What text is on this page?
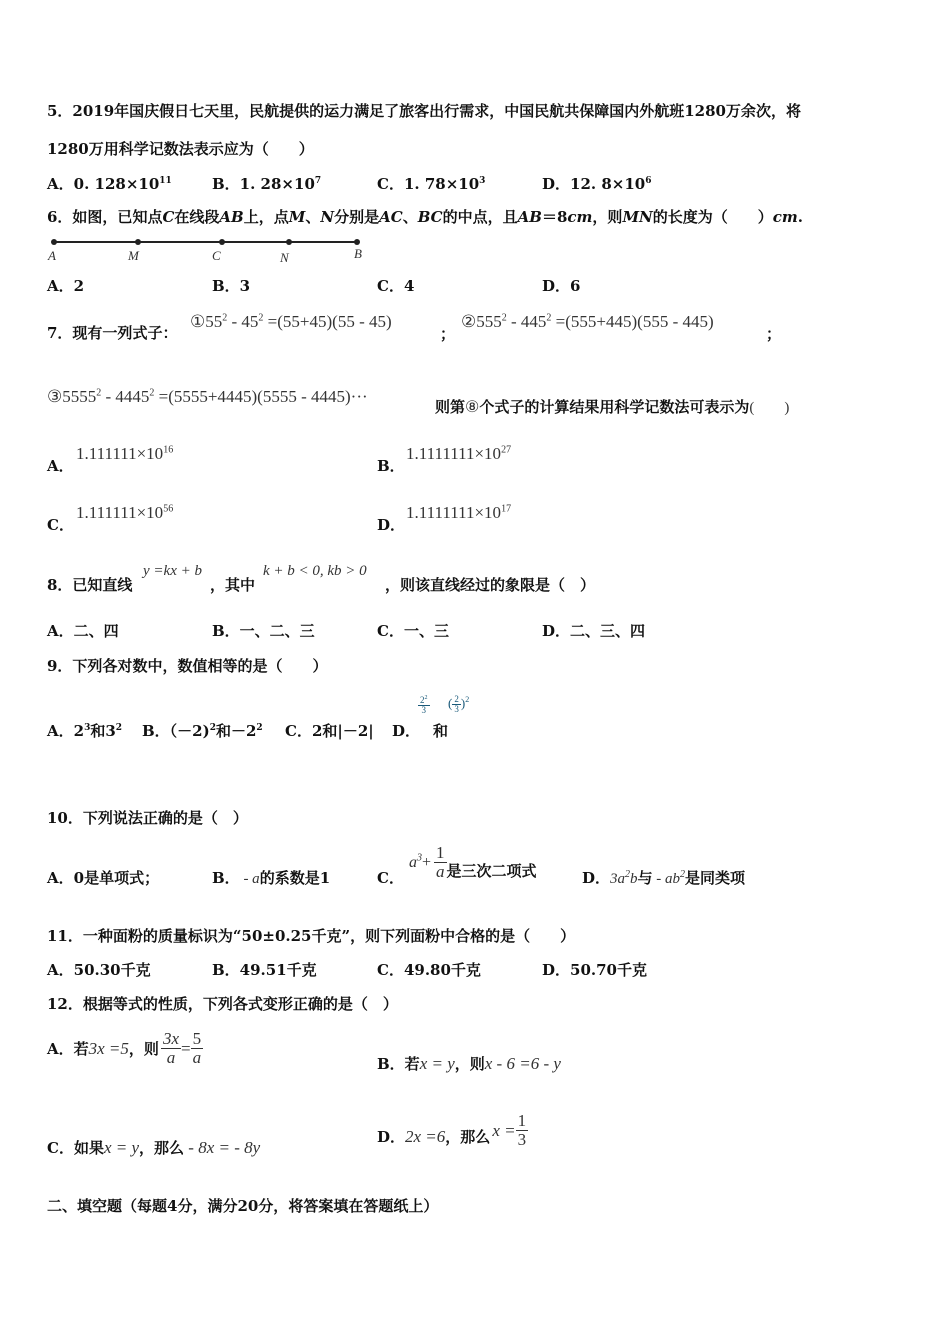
5．2019年国庆假日七天里，民航提供的运力满足了旅客出行需求，中国民航共保障国内外航班1280万余次，将
1280万用科学记数法表示应为（　　）
A．0. $128\times 10^{11}$	B．1. $28\times 10^7$	C．1. $78\times 10^3$	D．12. $8\times 10^6$
6．如图，已知点C在线段AB上，点M、N分别是AC、BC的中点，且AB＝8cm，则MN的长度为（　　）cm.
A	M	C	N	B
A．2	B．3	C．4	D．6
7．现有一列式子：
$①55^2 - 45^2 =(55+45)(55 - 45)$
；
$②555^2 - 445^2 =(555+445)(555 - 445)$
；
③5555$^2$ - $4445^2 =(5555+4445)(5555 - 4445)\cdot\cdot\cdot$
则第⑧个式子的计算结果用科学记数法可表示为(　　)
A．
$1.111111\times 10^{16}$
B．
$1.1111111\times 10^{27}$
C．
$1.111111\times 10^{56}$
D．
$1.1111111\times 10^{17}$
8．已知直线
y =kx + b
，其中
k + b < 0, kb > 0
，则该直线经过的象限是（　）
A．二、四	B．一、二、三	C．一、三	D．二、三、四
9．下列各对数中，数值相等的是（　　）
A．$2^3$和$3^2$ B．（－2)$^2$和$-2^2$ C．2和|－2| D．
$\frac{2^2}{3}$
和
( $\frac{2}{3} )^2$
10．下列说法正确的是（　）
A．0是单项式；	B． - a的系数是1	C．
$a^3 + \frac{1}{a}$ 是三次二项式	D．$3a^2b$与 - $ab^2$是同类项
11．一种面粉的质量标识为“50±0.25千克”，则下列面粉中合格的是（　　）
A．50.30千克	B．49.51千克	C．49.80千克	D．50.70千克
12．根据等式的性质，下列各式变形正确的是（　）
A．若 3x =5 ，则 $\frac{3x}{a} = \frac{5}{a}$	B．若x = y，则x - 6 =6 - y
C．如果x = y，那么 - 8x = - 8y
D． 2x =6 ，那么 $x = \frac{1}{3}$
二、填空题（每题4分，满分20分，将答案填在答题纸上）
